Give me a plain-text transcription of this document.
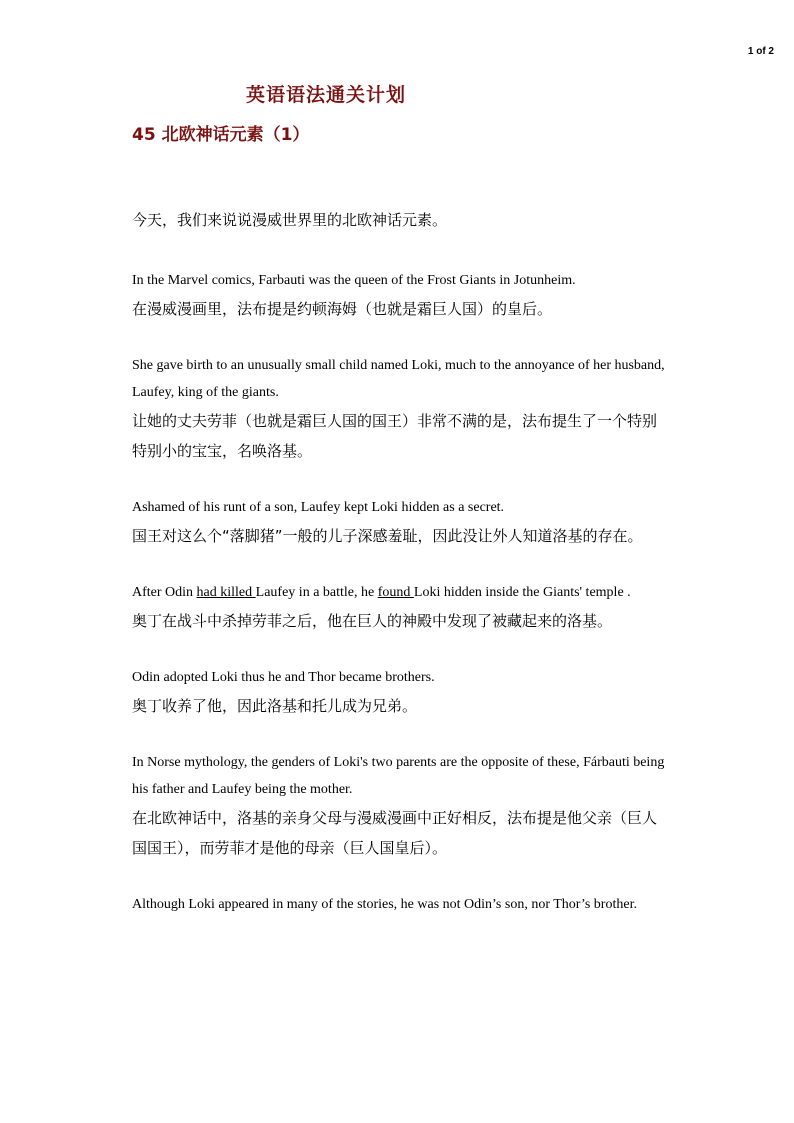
1 of 2
英语语法通关计划
45 北欧神话元素（1）

今天，我们来说说漫威世界里的北欧神话元素。

In the Marvel comics, Farbauti was the queen of the Frost Giants in Jotunheim.

在漫威漫画里，法布提是约顿海姆（也就是霜巨人国）的皇后。

She gave birth to an unusually small child named Loki, much to the annoyance of her husband, Laufey, king of the giants.

让她的丈夫劳菲（也就是霜巨人国的国王）非常不满的是，法布提生了一个特别特别小的宝宝，名唤洛基。

Ashamed of his runt of a son, Laufey kept Loki hidden as a secret.

国王对这么个“落脚猪”一般的儿子深感羞耻，因此没让外人知道洛基的存在。

After Odin had killed Laufey in a battle, he found Loki hidden inside the Giants' temple .

奥丁在战斗中杀掉劳菲之后，他在巨人的神殿中发现了被藏起来的洛基。

Odin adopted Loki thus he and Thor became brothers.

奥丁收养了他，因此洛基和托儿成为兄弟。

In Norse mythology, the genders of Loki's two parents are the opposite of these, Fárbauti being his father and Laufey being the mother.

在北欧神话中，洛基的亲身父母与漫威漫画中正好相反，法布提是他父亲（巨人国国王），而劳菲才是他的母亲（巨人国皇后）。

Although Loki appeared in many of the stories, he was not Odin’s son, nor Thor’s brother.
